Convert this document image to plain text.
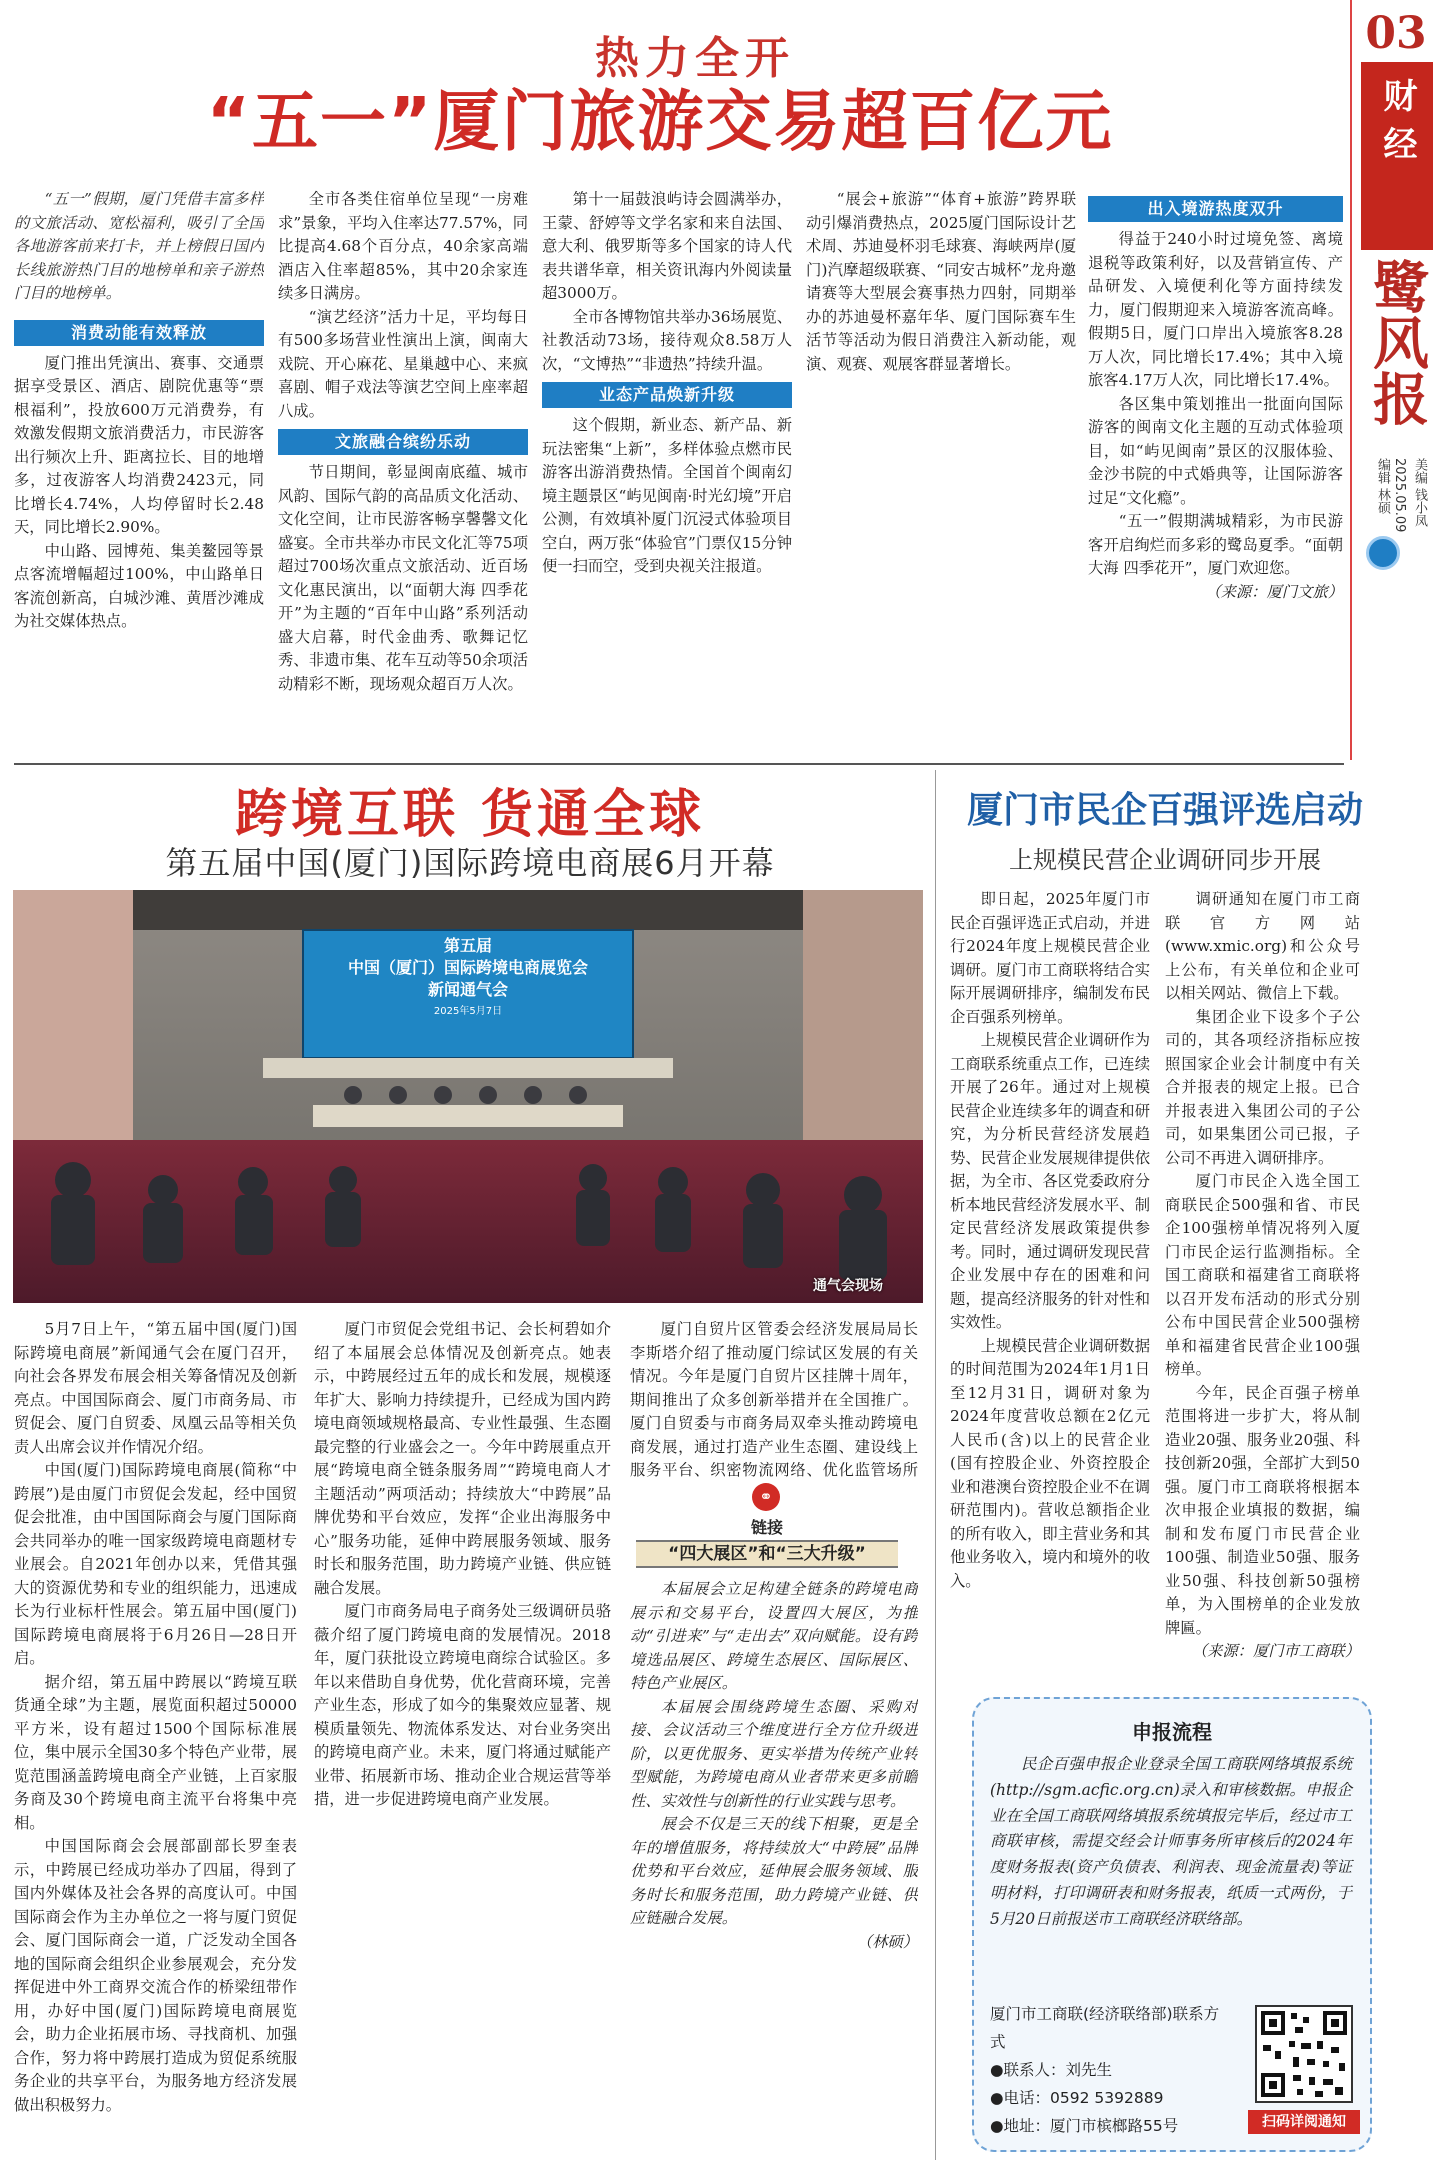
热力全开
“五一”厦门旅游交易超百亿元
03
财经
鹭风报
编辑 林硕 2025.05.09 美编 钱小凤

“五一”假期，厦门凭借丰富多样的文旅活动、宽松福利，吸引了全国各地游客前来打卡，并上榜假日国内长线旅游热门目的地榜单和亲子游热门目的地榜单。

消费动能有效释放

厦门推出凭演出、赛事、交通票据享受景区、酒店、剧院优惠等“票根福利”，投放600万元消费券，有效激发假期文旅消费活力，市民游客出行频次上升、距离拉长、目的地增多，过夜游客人均消费2423元，同比增长4.74%，人均停留时长2.48天，同比增长2.90%。

中山路、园博苑、集美鳌园等景点客流增幅超过100%，中山路单日客流创新高，白城沙滩、黄厝沙滩成为社交媒体热点。

全市各类住宿单位呈现“一房难求”景象，平均入住率达77.57%，同比提高4.68个百分点，40余家高端酒店入住率超85%，其中20余家连续多日满房。

“演艺经济”活力十足，平均每日有500多场营业性演出上演，闽南大戏院、开心麻花、星巢越中心、来疯喜剧、帽子戏法等演艺空间上座率超八成。

文旅融合缤纷乐动

节日期间，彰显闽南底蕴、城市风韵、国际气韵的高品质文化活动、文化空间，让市民游客畅享馨馨文化盛宴。全市共举办市民文化汇等75项超过700场次重点文旅活动、近百场文化惠民演出，以“面朝大海 四季花开”为主题的“百年中山路”系列活动盛大启幕，时代金曲秀、歌舞记忆秀、非遗市集、花车互动等50余项活动精彩不断，现场观众超百万人次。

第十一届鼓浪屿诗会圆满举办，王蒙、舒婷等文学名家和来自法国、意大利、俄罗斯等多个国家的诗人代表共谱华章，相关资讯海内外阅读量超3000万。

全市各博物馆共举办36场展览、社教活动73场，接待观众8.58万人次，“文博热”“非遗热”持续升温。

业态产品焕新升级

这个假期，新业态、新产品、新玩法密集“上新”，多样体验点燃市民游客出游消费热情。全国首个闽南幻境主题景区“屿见闽南·时光幻境”开启公测，有效填补厦门沉浸式体验项目空白，两万张“体验官”门票仅15分钟便一扫而空，受到央视关注报道。

“展会+旅游”“体育+旅游”跨界联动引爆消费热点，2025厦门国际设计艺术周、苏迪曼杯羽毛球赛、海峡两岸(厦门)汽摩超级联赛、“同安古城杯”龙舟邀请赛等大型展会赛事热力四射，同期举办的苏迪曼杯嘉年华、厦门国际赛车生活节等活动为假日消费注入新动能，观演、观赛、观展客群显著增长。

出入境游热度双升

得益于240小时过境免签、离境退税等政策利好，以及营销宣传、产品研发、入境便利化等方面持续发力，厦门假期迎来入境游客流高峰。假期5日，厦门口岸出入境旅客8.28万人次，同比增长17.4%；其中入境旅客4.17万人次，同比增长17.4%。

各区集中策划推出一批面向国际游客的闽南文化主题的互动式体验项目，如“屿见闽南”景区的汉服体验、金沙书院的中式婚典等，让国际游客过足“文化瘾”。

“五一”假期满城精彩，为市民游客开启绚烂而多彩的鹭岛夏季。“面朝大海 四季花开”，厦门欢迎您。

（来源：厦门文旅）

跨境互联 货通全球
第五届中国(厦门)国际跨境电商展6月开幕
第五届
中国（厦门）国际跨境电商展览会
新闻通气会
2025年5月7日
通气会现场

5月7日上午，“第五届中国(厦门)国际跨境电商展”新闻通气会在厦门召开，向社会各界发布展会相关筹备情况及创新亮点。中国国际商会、厦门市商务局、市贸促会、厦门自贸委、凤凰云品等相关负责人出席会议并作情况介绍。

中国(厦门)国际跨境电商展(简称“中跨展”)是由厦门市贸促会发起，经中国贸促会批准，由中国国际商会与厦门国际商会共同举办的唯一国家级跨境电商题材专业展会。自2021年创办以来，凭借其强大的资源优势和专业的组织能力，迅速成长为行业标杆性展会。第五届中国(厦门)国际跨境电商展将于6月26日—28日开启。

据介绍，第五届中跨展以“跨境互联 货通全球”为主题，展览面积超过50000平方米，设有超过1500个国际标准展位，集中展示全国30多个特色产业带，展览范围涵盖跨境电商全产业链，上百家服务商及30个跨境电商主流平台将集中亮相。

中国国际商会会展部副部长罗奎表示，中跨展已经成功举办了四届，得到了国内外媒体及社会各界的高度认可。中国国际商会作为主办单位之一将与厦门贸促会、厦门国际商会一道，广泛发动全国各地的国际商会组织企业参展观会，充分发挥促进中外工商界交流合作的桥梁纽带作用，办好中国(厦门)国际跨境电商展览会，助力企业拓展市场、寻找商机、加强合作，努力将中跨展打造成为贸促系统服务企业的共享平台，为服务地方经济发展做出积极努力。

厦门市贸促会党组书记、会长柯碧如介绍了本届展会总体情况及创新亮点。她表示，中跨展经过五年的成长和发展，规模逐年扩大、影响力持续提升，已经成为国内跨境电商领域规格最高、专业性最强、生态圈最完整的行业盛会之一。今年中跨展重点开展“跨境电商全链条服务周”“跨境电商人才主题活动”两项活动；持续放大“中跨展”品牌优势和平台效应，发挥“企业出海服务中心”服务功能，延伸中跨展服务领域、服务时长和服务范围，助力跨境产业链、供应链融合发展。

厦门市商务局电子商务处三级调研员骆薇介绍了厦门跨境电商的发展情况。2018年，厦门获批设立跨境电商综合试验区。多年以来借助自身优势，优化营商环境，完善产业生态，形成了如今的集聚效应显著、规模质量领先、物流体系发达、对台业务突出的跨境电商产业。未来，厦门将通过赋能产业带、拓展新市场、推动企业合规运营等举措，进一步促进跨境电商产业发展。

厦门自贸片区管委会经济发展局局长李斯塔介绍了推动厦门综试区发展的有关情况。今年是厦门自贸片区挂牌十周年，期间推出了众多创新举措并在全国推广。厦门自贸委与市商务局双牵头推动跨境电商发展，通过打造产业生态圈、建设线上服务平台、织密物流网络、优化监管场所

⚭
链接
“四大展区”和“三大升级”

本届展会立足构建全链条的跨境电商展示和交易平台，设置四大展区，为推动“引进来”与“走出去”双向赋能。设有跨境选品展区、跨境生态展区、国际展区、特色产业展区。

本届展会围绕跨境生态圈、采购对接、会议活动三个维度进行全方位升级进阶，以更优服务、更实举措为传统产业转型赋能，为跨境电商从业者带来更多前瞻性、实效性与创新性的行业实践与思考。

展会不仅是三天的线下相聚，更是全年的增值服务，将持续放大“中跨展”品牌优势和平台效应，延伸展会服务领域、服务时长和服务范围，助力跨境产业链、供应链融合发展。

（林硕）

厦门市民企百强评选启动
上规模民营企业调研同步开展

即日起，2025年厦门市民企百强评选正式启动，并进行2024年度上规模民营企业调研。厦门市工商联将结合实际开展调研排序，编制发布民企百强系列榜单。

上规模民营企业调研作为工商联系统重点工作，已连续开展了26年。通过对上规模民营企业连续多年的调查和研究，为分析民营经济发展趋势、民营企业发展规律提供依据，为全市、各区党委政府分析本地民营经济发展水平、制定民营经济发展政策提供参考。同时，通过调研发现民营企业发展中存在的困难和问题，提高经济服务的针对性和实效性。

上规模民营企业调研数据的时间范围为2024年1月1日至12月31日，调研对象为2024年度营收总额在2亿元人民币(含)以上的民营企业(国有控股企业、外资控股企业和港澳台资控股企业不在调研范围内)。营收总额指企业的所有收入，即主营业务和其他业务收入，境内和境外的收入。

调研通知在厦门市工商联官方网站(www.xmic.org)和公众号上公布，有关单位和企业可以相关网站、微信上下载。

集团企业下设多个子公司的，其各项经济指标应按照国家企业会计制度中有关合并报表的规定上报。已合并报表进入集团公司的子公司，如果集团公司已报，子公司不再进入调研排序。

厦门市民企入选全国工商联民企500强和省、市民企100强榜单情况将列入厦门市民企运行监测指标。全国工商联和福建省工商联将以召开发布活动的形式分别公布中国民营企业500强榜单和福建省民营企业100强榜单。

今年，民企百强子榜单范围将进一步扩大，将从制造业20强、服务业20强、科技创新20强，全部扩大到50强。厦门市工商联将根据本次申报企业填报的数据，编制和发布厦门市民营企业100强、制造业50强、服务业50强、科技创新50强榜单，为入围榜单的企业发放牌匾。

（来源：厦门市工商联）

申报流程

民企百强申报企业登录全国工商联网络填报系统(http://sgm.acfic.org.cn)录入和审核数据。申报企业在全国工商联网络填报系统填报完毕后，经过市工商联审核，需提交经会计师事务所审核后的2024年度财务报表(资产负债表、利润表、现金流量表)等证明材料，打印调研表和财务报表，纸质一式两份，于5月20日前报送市工商联经济联络部。

厦门市工商联(经济联络部)联系方式
●联系人：刘先生
●电话：0592 5392889
●地址：厦门市槟榔路55号	扫码详阅通知
